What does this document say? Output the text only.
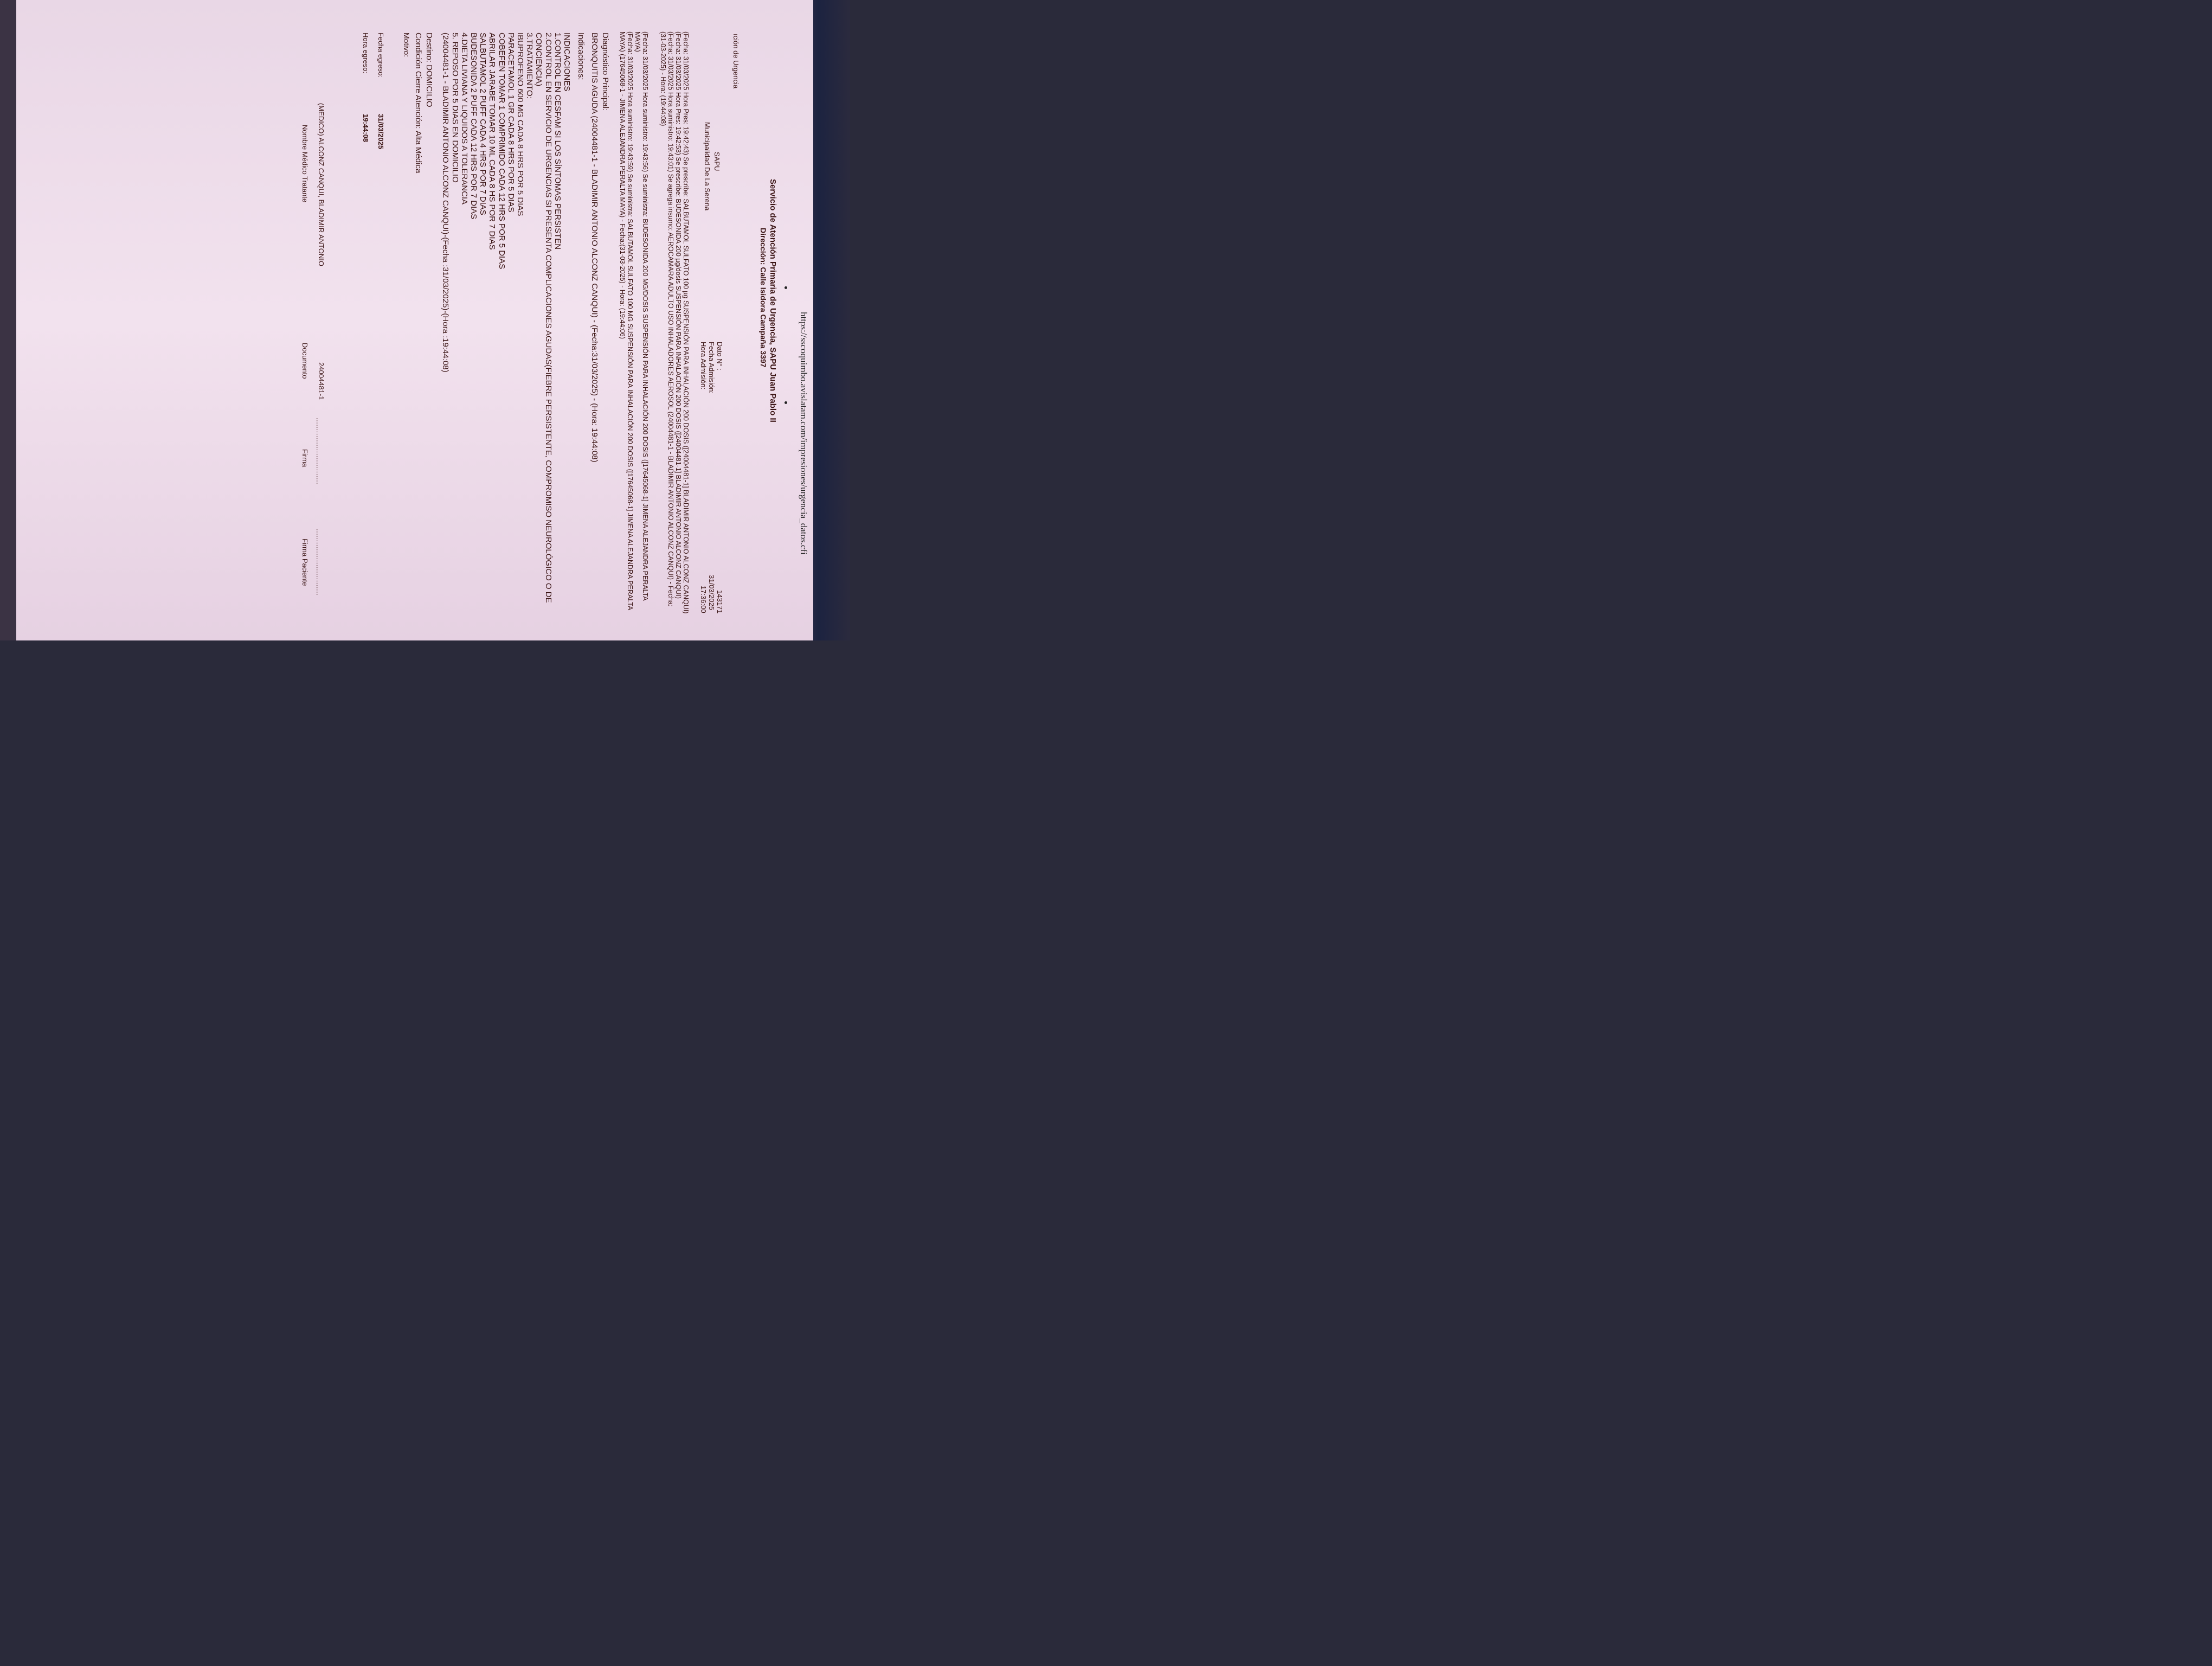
https://sscoquimbo.avislatam.com/impresiones/urgencia_datos.cfi
Servicio de Atención Primaria de Urgencia, SAPU Juan Pablo II
Dirección: Calle Isidora Campaña 3397
ıción de Urgencia
SAPU
Municipalidad De La Serena
Dato N° :
Fecha Admisión:
Hora Admisión:
143171
31/03/2025
17:36:00
(Fecha: 31/03/2025 Hora Pres: 19:42:43) Se prescribe: SALBUTAMOL SULFATO 100 µg SUSPENSIÓN PARA INHALACIÓN 200 DOSIS ([24004481-1] BLADIMIR ANTONIO ALCONZ CANQUI)
(Fecha: 31/03/2025 Hora Pres: 19:42:53) Se prescribe: BUDESONIDA 200 µg/dosis SUSPENSIÓN PARA INHALACIÓN 200 DOSIS ([24004481-1] BLADIMIR ANTONIO ALCONZ CANQUI)
(Fecha: 31/03/2025 Hora suministro: 19:43:01) Se agrega insumo: AEROCAMARA ADULTO USO INHALADORES AEROSOL (24004481-1 - BLADIMIR ANTONIO ALCONZ CANQUI) - Fecha:(31-03-2025) - Hora: (19:44:08)
(Fecha: 31/03/2025 Hora suministro: 19:43:56) Se suministra: BUDESONIDA 200 MG/DOSIS SUSPENSIÓN PARA INHALACIÓN 200 DOSIS ([17645068-1] JIMENA ALEJANDRA PERALTA MAYA)
(Fecha: 31/03/2025 Hora suministro: 19:43:59) Se suministra: SALBUTAMOL SULFATO 100 MG SUSPENSIÓN PARA INHALACIÓN 200 DOSIS ([17645068-1] JIMENA ALEJANDRA PERALTA MAYA) (17645068-1 - JIMENA ALEJANDRA PERALTA MAYA) - Fecha:(31-03-2025) - Hora: (19:44:06)
Diagnóstico Principal:
BRONQUITIS AGUDA (24004481-1 - BLADIMIR ANTONIO ALCONZ CANQUI) - (Fecha:31/03/2025) - (Hora: 19:44:08)
Indicaciones:
INDICACIONES
1.CONTROL EN CESFAM SI LOS SÍNTOMAS PERSISTEN
2.CONTROL EN SERVICIO DE URGENCIAS SI PRESENTA COMPLICACIONES AGUDAS(FIEBRE PERSISTENTE, COMPROMISO NEUROLÓGICO O DE CONCIENCIA)
3.TRATAMIENTO:
IBUPROFENO 600 MG CADA 8 HRS POR 5 DIAS
PARACETAMOL 1 GR CADA 8 HRS POR 5 DIAS
COBEFEN TOMAR 1 COMPRIMIDO CADA 12 HRS POR 5 DIAS
ABRILAR JARABE TOMAR 10 ML CADA 8 HS POR 7 DIAS
SALBUTAMOL 2 PUFF CADA 4 HRS POR 7 DIAS
BUDESONIDA 2 PUFF CADA 12 HRS POR 7 DIAS
4.DIETA LIVIANA Y LIQUIDOS A TOLERANCIA
5. REPOSO POR 5 DIAS EN DOMICILIO
(24004481-1 - BLADIMIR ANTONIO ALCONZ CANQUI)-(Fecha :31/03/2025)-(Hora :19:44:08)
Destino: DOMICILIO
Condición Cierre Atención: Alta Médica
Motivo:
Fecha egreso:
31/03/2025
Hora egreso:
19:44:08
(MEDICO) ALCONZ CANQUI, BLADIMIR ANTONIO
24004481-1
..............................
..............................
Nombre Médico Tratante
Documento
Firma
Firma Paciente
